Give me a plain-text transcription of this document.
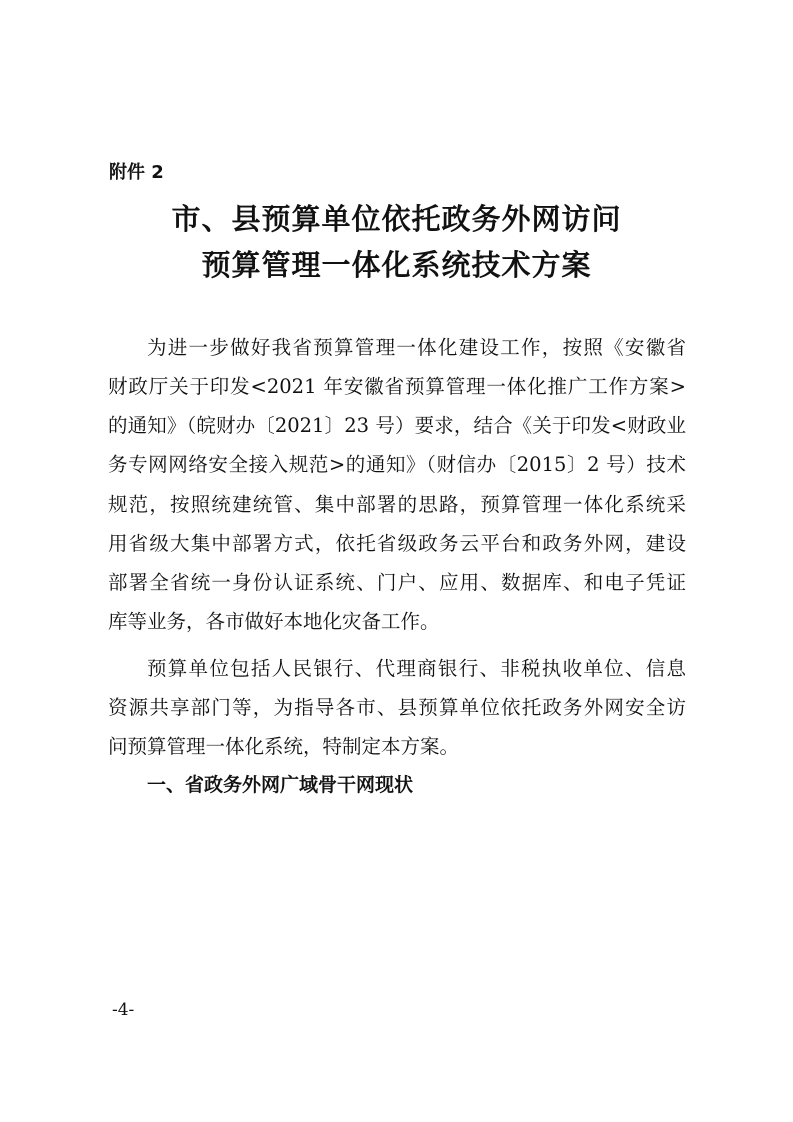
附件 2
市、县预算单位依托政务外网访问
预算管理一体化系统技术方案
为进一步做好我省预算管理一体化建设工作，按照《安徽省
财政厅关于印发<2021 年安徽省预算管理一体化推广工作方案>
的通知》（皖财办〔2021〕23 号）要求，结合《关于印发<财政业
务专网网络安全接入规范>的通知》（财信办〔2015〕2 号）技术
规范，按照统建统管、集中部署的思路，预算管理一体化系统采
用省级大集中部署方式，依托省级政务云平台和政务外网，建设
部署全省统一身份认证系统、门户、应用、数据库、和电子凭证
库等业务，各市做好本地化灾备工作。
预算单位包括人民银行、代理商银行、非税执收单位、信息
资源共享部门等，为指导各市、县预算单位依托政务外网安全访
问预算管理一体化系统，特制定本方案。
一、省政务外网广域骨干网现状
-4-
